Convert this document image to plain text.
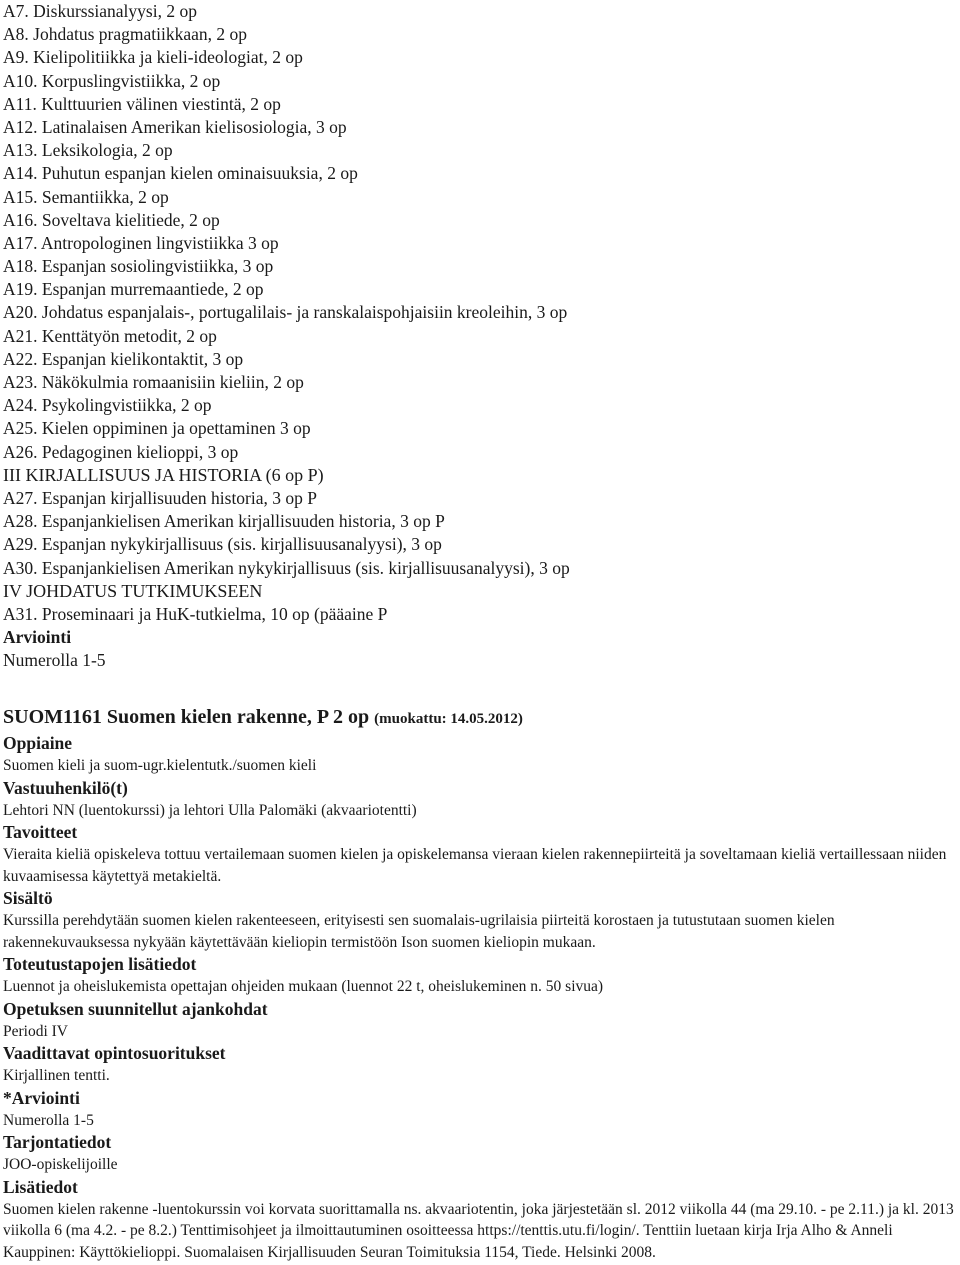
A7. Diskurssianalyysi, 2 op
A8. Johdatus pragmatiikkaan, 2 op
A9. Kielipolitiikka ja kieli-ideologiat, 2 op
A10. Korpuslingvistiikka, 2 op
A11. Kulttuurien välinen viestintä, 2 op
A12. Latinalaisen Amerikan kielisosiologia, 3 op
A13. Leksikologia, 2 op
A14. Puhutun espanjan kielen ominaisuuksia, 2 op
A15. Semantiikka, 2 op
A16. Soveltava kielitiede, 2 op
A17. Antropologinen lingvistiikka 3 op
A18. Espanjan sosiolingvistiikka, 3 op
A19. Espanjan murremaantiede, 2 op
A20. Johdatus espanjalais-, portugalilais- ja ranskalaispohjaisiin kreoleihin, 3 op
A21. Kenttätyön metodit, 2 op
A22. Espanjan kielikontaktit, 3 op
A23. Näkökulmia romaanisiin kieliin, 2 op
A24. Psykolingvistiikka, 2 op
A25. Kielen oppiminen ja opettaminen 3 op
A26. Pedagoginen kielioppi, 3 op
III KIRJALLISUUS JA HISTORIA (6 op P)
A27. Espanjan kirjallisuuden historia, 3 op P
A28. Espanjankielisen Amerikan kirjallisuuden historia, 3 op P
A29. Espanjan nykykirjallisuus (sis. kirjallisuusanalyysi), 3 op
A30. Espanjankielisen Amerikan nykykirjallisuus (sis. kirjallisuusanalyysi), 3 op
IV JOHDATUS TUTKIMUKSEEN
A31. Proseminaari ja HuK-tutkielma, 10 op (pääaine P
Arviointi
Numerolla 1-5
SUOM1161 Suomen kielen rakenne, P 2 op (muokattu: 14.05.2012)
Oppiaine
Suomen kieli ja suom-ugr.kielentutk./suomen kieli
Vastuuhenkilö(t)
Lehtori NN (luentokurssi) ja lehtori Ulla Palomäki (akvaariotentti)
Tavoitteet
Vieraita kieliä opiskeleva tottuu vertailemaan suomen kielen ja opiskelemansa vieraan kielen rakennepiirteitä ja soveltamaan kieliä vertaillessaan niiden kuvaamisessa käytettyä metakieltä.
Sisältö
Kurssilla perehdytään suomen kielen rakenteeseen, erityisesti sen suomalais-ugrilaisia piirteitä korostaen ja tutustutaan suomen kielen rakennekuvauksessa nykyään käytettävään kieliopin termistöön Ison suomen kieliopin mukaan.
Toteutustapojen lisätiedot
Luennot ja oheislukemista opettajan ohjeiden mukaan (luennot 22 t, oheislukeminen n. 50 sivua)
Opetuksen suunnitellut ajankohdat
Periodi IV
Vaadittavat opintosuoritukset
Kirjallinen tentti.
*Arviointi
Numerolla 1-5
Tarjontatiedot
JOO-opiskelijoille
Lisätiedot
Suomen kielen rakenne -luentokurssin voi korvata suorittamalla ns. akvaariotentin, joka järjestetään sl. 2012 viikolla 44 (ma 29.10. - pe 2.11.) ja kl. 2013 viikolla 6 (ma 4.2. - pe 8.2.) Tenttimisohjeet ja ilmoittautuminen osoitteessa https://tenttis.utu.fi/login/. Tenttiin luetaan kirja Irja Alho & Anneli Kauppinen: Käyttökielioppi. Suomalaisen Kirjallisuuden Seuran Toimituksia 1154, Tiede. Helsinki 2008.
